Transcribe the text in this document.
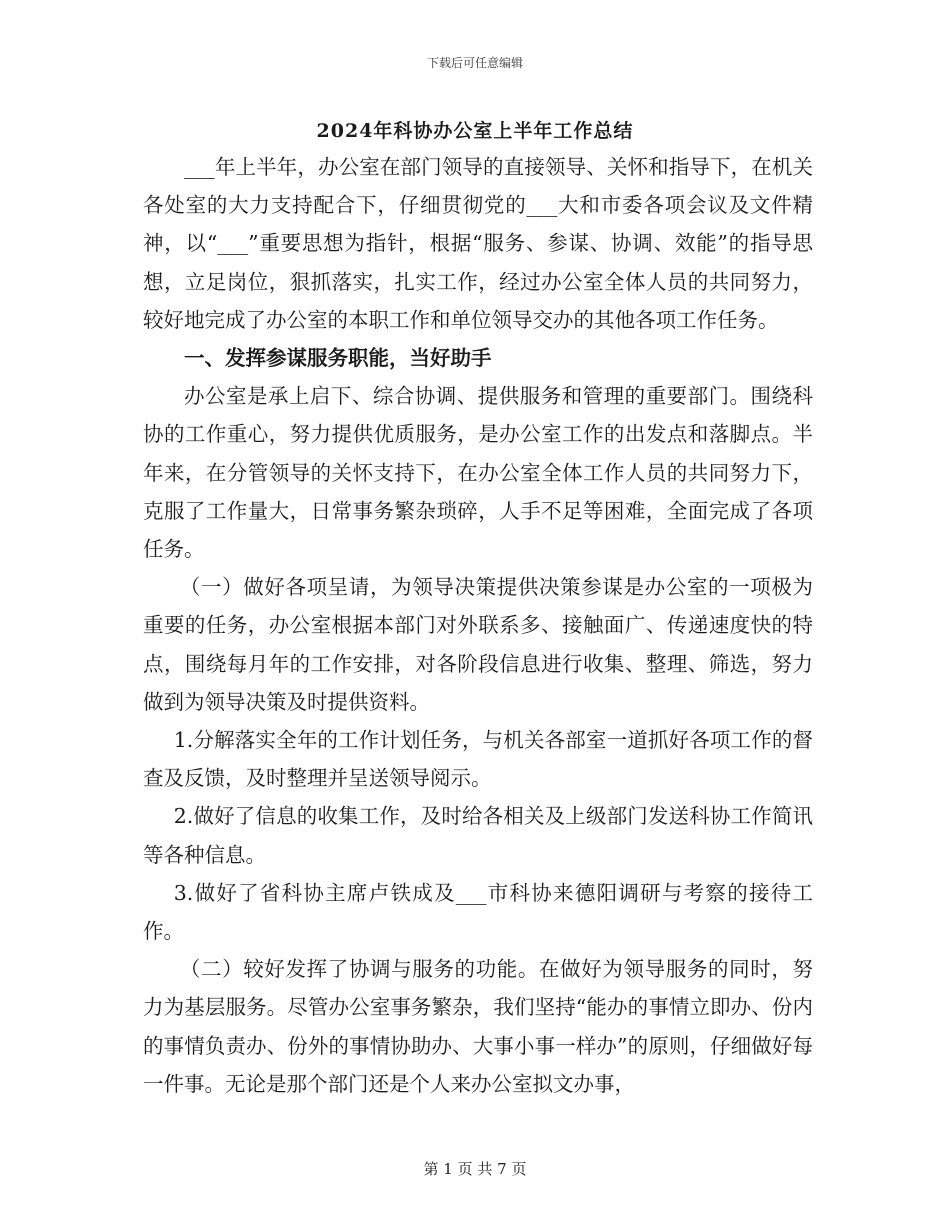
下载后可任意编辑
2024年科协办公室上半年工作总结

___年上半年，办公室在部门领导的直接领导、关怀和指导下，在机关各处室的大力支持配合下，仔细贯彻党的___大和市委各项会议及文件精神，以“___”重要思想为指针，根据“服务、参谋、协调、效能”的指导思想，立足岗位，狠抓落实，扎实工作，经过办公室全体人员的共同努力，较好地完成了办公室的本职工作和单位领导交办的其他各项工作任务。

一、发挥参谋服务职能，当好助手

办公室是承上启下、综合协调、提供服务和管理的重要部门。围绕科协的工作重心，努力提供优质服务，是办公室工作的出发点和落脚点。半年来，在分管领导的关怀支持下，在办公室全体工作人员的共同努力下，克服了工作量大，日常事务繁杂琐碎，人手不足等困难，全面完成了各项任务。

（一）做好各项呈请，为领导决策提供决策参谋是办公室的一项极为重要的任务，办公室根据本部门对外联系多、接触面广、传递速度快的特点，围绕每月年的工作安排，对各阶段信息进行收集、整理、筛选，努力做到为领导决策及时提供资料。

1.分解落实全年的工作计划任务，与机关各部室一道抓好各项工作的督查及反馈，及时整理并呈送领导阅示。

2.做好了信息的收集工作，及时给各相关及上级部门发送科协工作简讯等各种信息。

3.做好了省科协主席卢铁成及___市科协来德阳调研与考察的接待工作。

（二）较好发挥了协调与服务的功能。在做好为领导服务的同时，努力为基层服务。尽管办公室事务繁杂，我们坚持“能办的事情立即办、份内的事情负责办、份外的事情协助办、大事小事一样办”的原则，仔细做好每一件事。无论是那个部门还是个人来办公室拟文办事，

第 1 页 共 7 页
